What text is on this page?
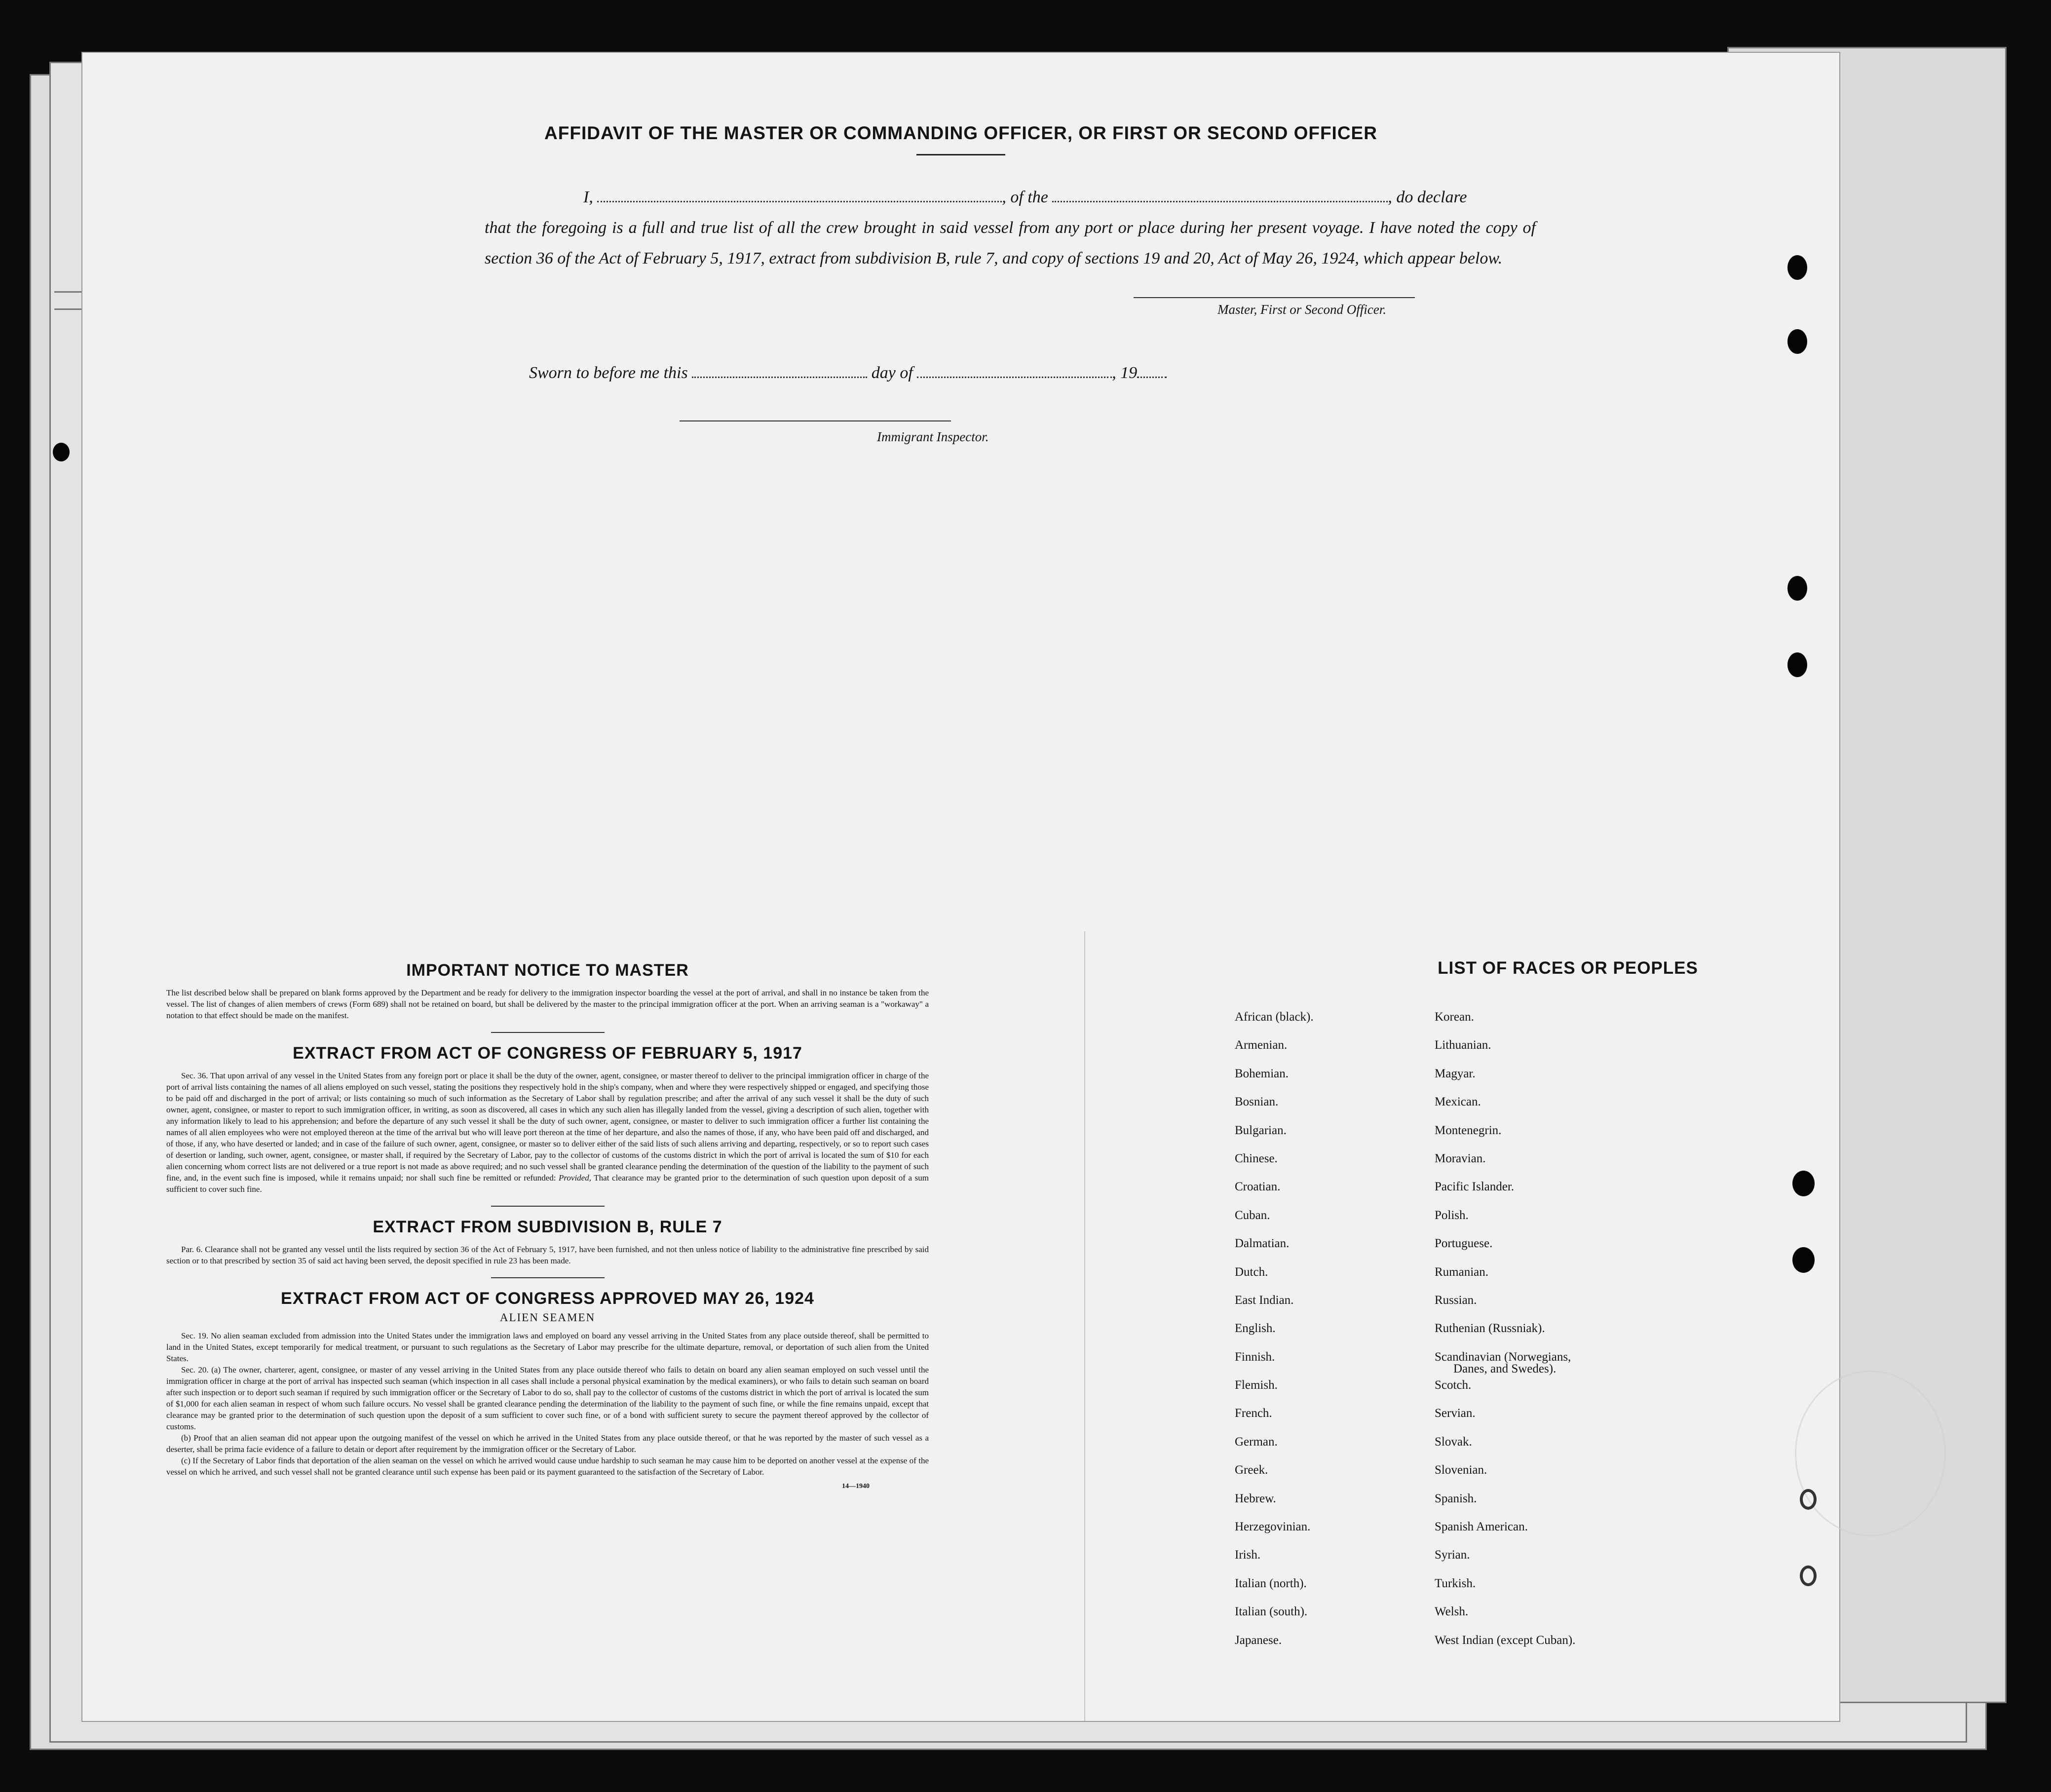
AFFIDAVIT OF THE MASTER OR COMMANDING OFFICER, OR FIRST OR SECOND OFFICER

I,	, of the	, do declare

that the foregoing is a full and true list of all the crew brought in said vessel from any port or place during her present voyage. I have noted the copy of section 36 of the Act of February 5, 1917, extract from subdivision B, rule 7, and copy of sections 19 and 20, Act of May 26, 1924, which appear below.

Master, First or Second Officer.
Sworn to before me this	day of	, 19
Immigrant Inspector.
IMPORTANT NOTICE TO MASTER

The list described below shall be prepared on blank forms approved by the Department and be ready for delivery to the immigration inspector boarding the vessel at the port of arrival, and shall in no instance be taken from the vessel. The list of changes of alien members of crews (Form 689) shall not be retained on board, but shall be delivered by the master to the principal immigration officer at the port. When an arriving seaman is a "workaway" a notation to that effect should be made on the manifest.

EXTRACT FROM ACT OF CONGRESS OF FEBRUARY 5, 1917

Sec. 36. That upon arrival of any vessel in the United States from any foreign port or place it shall be the duty of the owner, agent, consignee, or master thereof to deliver to the principal immigration officer in charge of the port of arrival lists containing the names of all aliens employed on such vessel, stating the positions they respectively hold in the ship's company, when and where they were respectively shipped or engaged, and specifying those to be paid off and discharged in the port of arrival; or lists containing so much of such information as the Secretary of Labor shall by regulation prescribe; and after the arrival of any such vessel it shall be the duty of such owner, agent, consignee, or master to report to such immigration officer, in writing, as soon as discovered, all cases in which any such alien has illegally landed from the vessel, giving a description of such alien, together with any information likely to lead to his apprehension; and before the departure of any such vessel it shall be the duty of such owner, agent, consignee, or master to deliver to such immigration officer a further list containing the names of all alien employees who were not employed thereon at the time of the arrival but who will leave port thereon at the time of her departure, and also the names of those, if any, who have been paid off and discharged, and of those, if any, who have deserted or landed; and in case of the failure of such owner, agent, consignee, or master so to deliver either of the said lists of such aliens arriving and departing, respectively, or so to report such cases of desertion or landing, such owner, agent, consignee, or master shall, if required by the Secretary of Labor, pay to the collector of customs of the customs district in which the port of arrival is located the sum of $10 for each alien concerning whom correct lists are not delivered or a true report is not made as above required; and no such vessel shall be granted clearance pending the determination of the question of the liability to the payment of such fine, and, in the event such fine is imposed, while it remains unpaid; nor shall such fine be remitted or refunded: Provided, That clearance may be granted prior to the determination of such question upon deposit of a sum sufficient to cover such fine.

EXTRACT FROM SUBDIVISION B, RULE 7

Par. 6. Clearance shall not be granted any vessel until the lists required by section 36 of the Act of February 5, 1917, have been furnished, and not then unless notice of liability to the administrative fine prescribed by said section or to that prescribed by section 35 of said act having been served, the deposit specified in rule 23 has been made.

EXTRACT FROM ACT OF CONGRESS APPROVED MAY 26, 1924
ALIEN SEAMEN

Sec. 19. No alien seaman excluded from admission into the United States under the immigration laws and employed on board any vessel arriving in the United States from any place outside thereof, shall be permitted to land in the United States, except temporarily for medical treatment, or pursuant to such regulations as the Secretary of Labor may prescribe for the ultimate departure, removal, or deportation of such alien from the United States.

Sec. 20. (a) The owner, charterer, agent, consignee, or master of any vessel arriving in the United States from any place outside thereof who fails to detain on board any alien seaman employed on such vessel until the immigration officer in charge at the port of arrival has inspected such seaman (which inspection in all cases shall include a personal physical examination by the medical examiners), or who fails to detain such seaman on board after such inspection or to deport such seaman if required by such immigration officer or the Secretary of Labor to do so, shall pay to the collector of customs of the customs district in which the port of arrival is located the sum of $1,000 for each alien seaman in respect of whom such failure occurs. No vessel shall be granted clearance pending the determination of the liability to the payment of such fine, or while the fine remains unpaid, except that clearance may be granted prior to the determination of such question upon the deposit of a sum sufficient to cover such fine, or of a bond with sufficient surety to secure the payment thereof approved by the collector of customs.

(b) Proof that an alien seaman did not appear upon the outgoing manifest of the vessel on which he arrived in the United States from any place outside thereof, or that he was reported by the master of such vessel as a deserter, shall be prima facie evidence of a failure to detain or deport after requirement by the immigration officer or the Secretary of Labor.

(c) If the Secretary of Labor finds that deportation of the alien seaman on the vessel on which he arrived would cause undue hardship to such seaman he may cause him to be deported on another vessel at the expense of the vessel on which he arrived, and such vessel shall not be granted clearance until such expense has been paid or its payment guaranteed to the satisfaction of the Secretary of Labor.

14—1940
LIST OF RACES OR PEOPLES
African (black).
Armenian.
Bohemian.
Bosnian.
Bulgarian.
Chinese.
Croatian.
Cuban.
Dalmatian.
Dutch.
East Indian.
English.
Finnish.
Flemish.
French.
German.
Greek.
Hebrew.
Herzegovinian.
Irish.
Italian (north).
Italian (south).
Japanese.
Korean.
Lithuanian.
Magyar.
Mexican.
Montenegrin.
Moravian.
Pacific Islander.
Polish.
Portuguese.
Rumanian.
Russian.
Ruthenian (Russniak).
Scandinavian (Norwegians,
Danes, and Swedes).
Scotch.
Servian.
Slovak.
Slovenian.
Spanish.
Spanish American.
Syrian.
Turkish.
Welsh.
West Indian (except Cuban).
